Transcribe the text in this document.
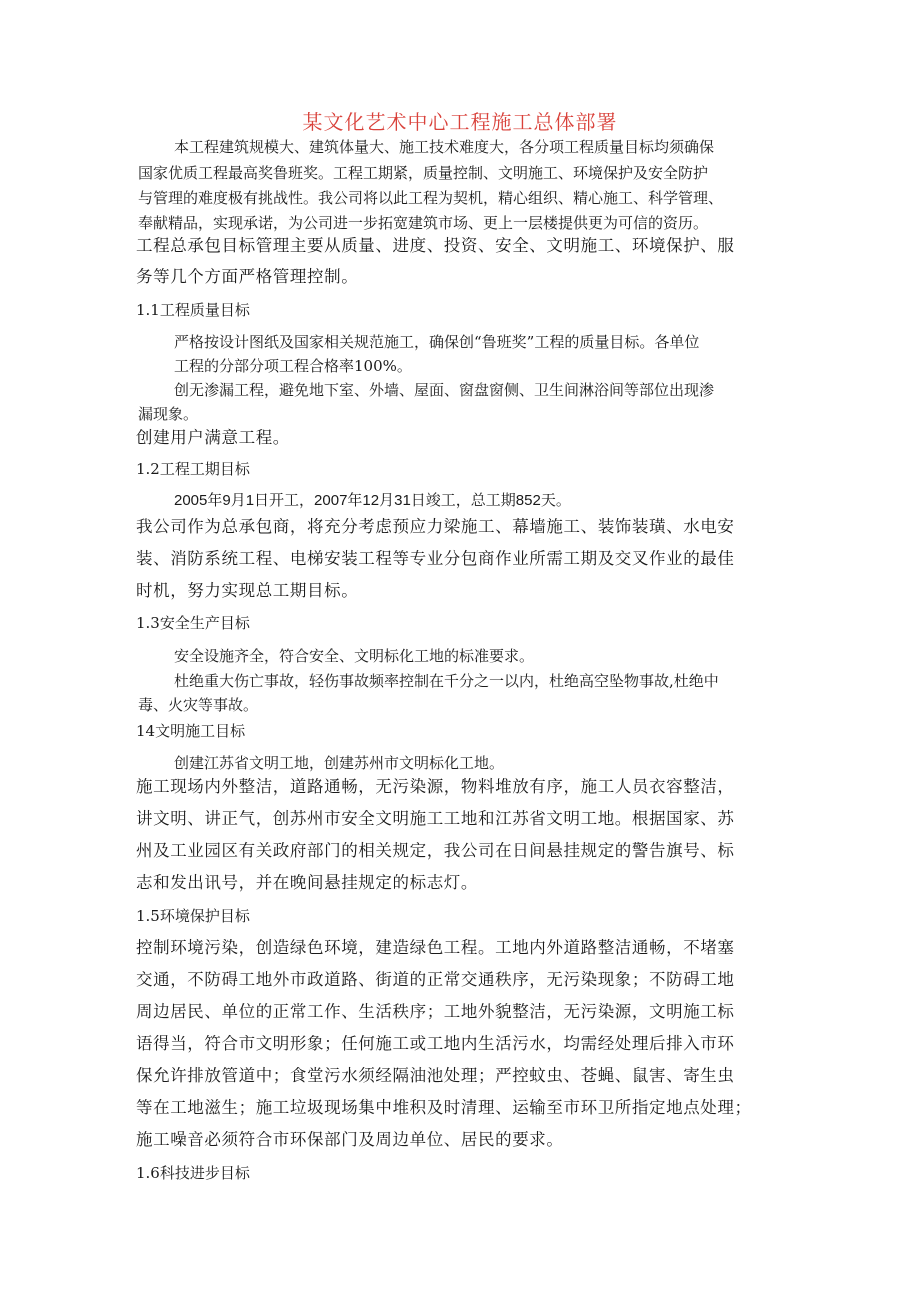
某文化艺术中心工程施工总体部署
本工程建筑规模大、建筑体量大、施工技术难度大，各分项工程质量目标均须确保
国家优质工程最高奖鲁班奖。工程工期紧，质量控制、文明施工、环境保护及安全防护
与管理的难度极有挑战性。我公司将以此工程为契机，精心组织、精心施工、科学管理、
奉献精品，实现承诺，为公司进一步拓宽建筑市场、更上一层楼提供更为可信的资历。
工程总承包目标管理主要从质量、进度、投资、安全、文明施工、环境保护、服
务等几个方面严格管理控制。
1.1工程质量目标
严格按设计图纸及国家相关规范施工，确保创“鲁班奖”工程的质量目标。各单位
工程的分部分项工程合格率100%。
创无渗漏工程，避免地下室、外墙、屋面、窗盘窗侧、卫生间淋浴间等部位出现渗
漏现象。
创建用户满意工程。
1.2工程工期目标
2005年9月1日开工，2007年12月31日竣工，总工期852天。
我公司作为总承包商，将充分考虑预应力梁施工、幕墙施工、装饰装璜、水电安
装、消防系统工程、电梯安装工程等专业分包商作业所需工期及交叉作业的最佳
时机，努力实现总工期目标。
1.3安全生产目标
安全设施齐全，符合安全、文明标化工地的标准要求。
杜绝重大伤亡事故，轻伤事故频率控制在千分之一以内，杜绝高空坠物事故,杜绝中
毒、火灾等事故。
14文明施工目标
创建江苏省文明工地，创建苏州市文明标化工地。
施工现场内外整洁，道路通畅，无污染源，物料堆放有序，施工人员衣容整洁，
讲文明、讲正气，创苏州市安全文明施工工地和江苏省文明工地。根据国家、苏
州及工业园区有关政府部门的相关规定，我公司在日间悬挂规定的警告旗号、标
志和发出讯号，并在晚间悬挂规定的标志灯。
1.5环境保护目标
控制环境污染，创造绿色环境，建造绿色工程。工地内外道路整洁通畅，不堵塞
交通，不防碍工地外市政道路、街道的正常交通秩序，无污染现象；不防碍工地
周边居民、单位的正常工作、生活秩序；工地外貌整洁，无污染源，文明施工标
语得当，符合市文明形象；任何施工或工地内生活污水，均需经处理后排入市环
保允许排放管道中；食堂污水须经隔油池处理；严控蚊虫、苍蝇、鼠害、寄生虫
等在工地滋生；施工垃圾现场集中堆积及时清理、运输至市环卫所指定地点处理；
施工噪音必须符合市环保部门及周边单位、居民的要求。
1.6科技进步目标
